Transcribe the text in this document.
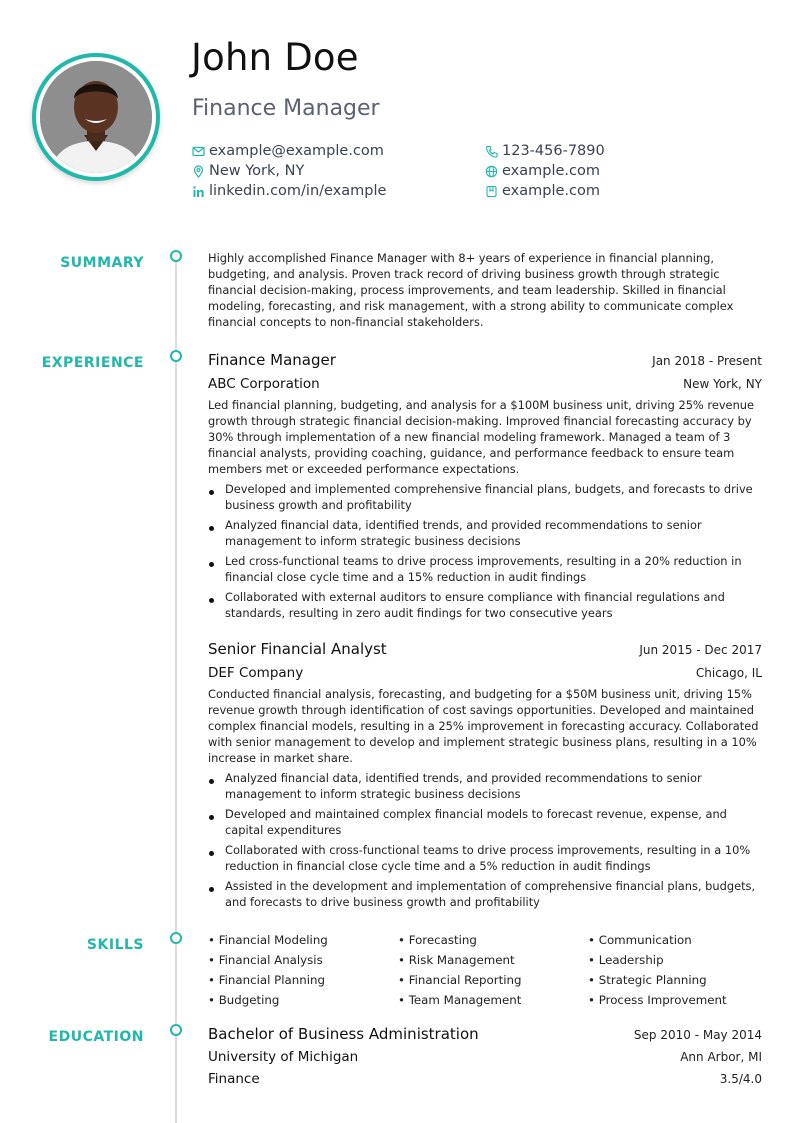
John Doe
Finance Manager
example@example.com
New York, NY
linkedin.com/in/example
123-456-7890
example.com
example.com
SUMMARY	Highly accomplished Finance Manager with 8+ years of experience in financial planning, budgeting, and analysis. Proven track record of driving business growth through strategic financial decision-making, process improvements, and team leadership. Skilled in financial modeling, forecasting, and risk management, with a strong ability to communicate complex financial concepts to non-financial stakeholders.

EXPERIENCE	Finance Manager	Jan 2018 - Present
ABC Corporation	New York, NY

Led financial planning, budgeting, and analysis for a $100M business unit, driving 25% revenue growth through strategic financial decision-making. Improved financial forecasting accuracy by 30% through implementation of a new financial modeling framework. Managed a team of 3 financial analysts, providing coaching, guidance, and performance feedback to ensure team members met or exceeded performance expectations.

Developed and implemented comprehensive financial plans, budgets, and forecasts to drive business growth and profitability
Analyzed financial data, identified trends, and provided recommendations to senior management to inform strategic business decisions
Led cross-functional teams to drive process improvements, resulting in a 20% reduction in financial close cycle time and a 15% reduction in audit findings
Collaborated with external auditors to ensure compliance with financial regulations and standards, resulting in zero audit findings for two consecutive years
Senior Financial Analyst	Jun 2015 - Dec 2017
DEF Company	Chicago, IL

Conducted financial analysis, forecasting, and budgeting for a $50M business unit, driving 15% revenue growth through identification of cost savings opportunities. Developed and maintained complex financial models, resulting in a 25% improvement in forecasting accuracy. Collaborated with senior management to develop and implement strategic business plans, resulting in a 10% increase in market share.

Analyzed financial data, identified trends, and provided recommendations to senior management to inform strategic business decisions
Developed and maintained complex financial models to forecast revenue, expense, and capital expenditures
Collaborated with cross-functional teams to drive process improvements, resulting in a 10% reduction in financial close cycle time and a 5% reduction in audit findings
Assisted in the development and implementation of comprehensive financial plans, budgets, and forecasts to drive business growth and profitability
SKILLS	• Financial Modeling	• Forecasting	• Communication
• Financial Analysis	• Risk Management	• Leadership
• Financial Planning	• Financial Reporting	• Strategic Planning
• Budgeting	• Team Management	• Process Improvement
EDUCATION	Bachelor of Business Administration	Sep 2010 - May 2014
University of Michigan	Ann Arbor, MI
Finance	3.5/4.0
